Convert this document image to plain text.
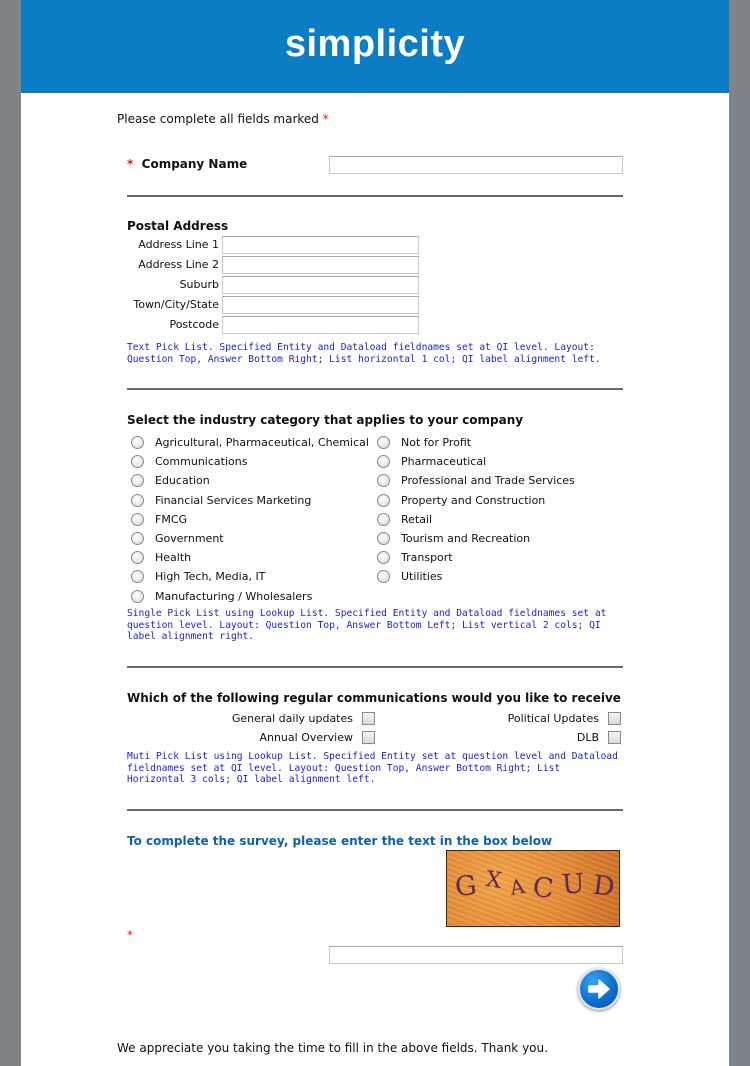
simplicity
Please complete all fields marked *
* Company Name
Postal Address
Address Line 1
Address Line 2
Suburb
Town/City/State
Postcode
Text Pick List. Specified Entity and Dataload fieldnames set at QI level. Layout: Question Top, Answer Bottom Right; List horizontal 1 col; QI label alignment left.
Select the industry category that applies to your company
Agricultural, Pharmaceutical, Chemical
Communications
Education
Financial Services Marketing
FMCG
Government
Health
High Tech, Media, IT
Manufacturing / Wholesalers
Not for Profit
Pharmaceutical
Professional and Trade Services
Property and Construction
Retail
Tourism and Recreation
Transport
Utilities
Single Pick List using Lookup List. Specified Entity and Dataload fieldnames set at question level. Layout: Question Top, Answer Bottom Left; List vertical 2 cols; QI label alignment right.
Which of the following regular communications would you like to receive
General daily updates	Political Updates
Annual Overview	DLB
Muti Pick List using Lookup List. Specified Entity set at question level and Dataload fieldnames set at QI level. Layout: Question Top, Answer Bottom Right; List Horizontal 3 cols; QI label alignment left.
To complete the survey, please enter the text in the box below
G X A C U D
*
We appreciate you taking the time to fill in the above fields. Thank you.
